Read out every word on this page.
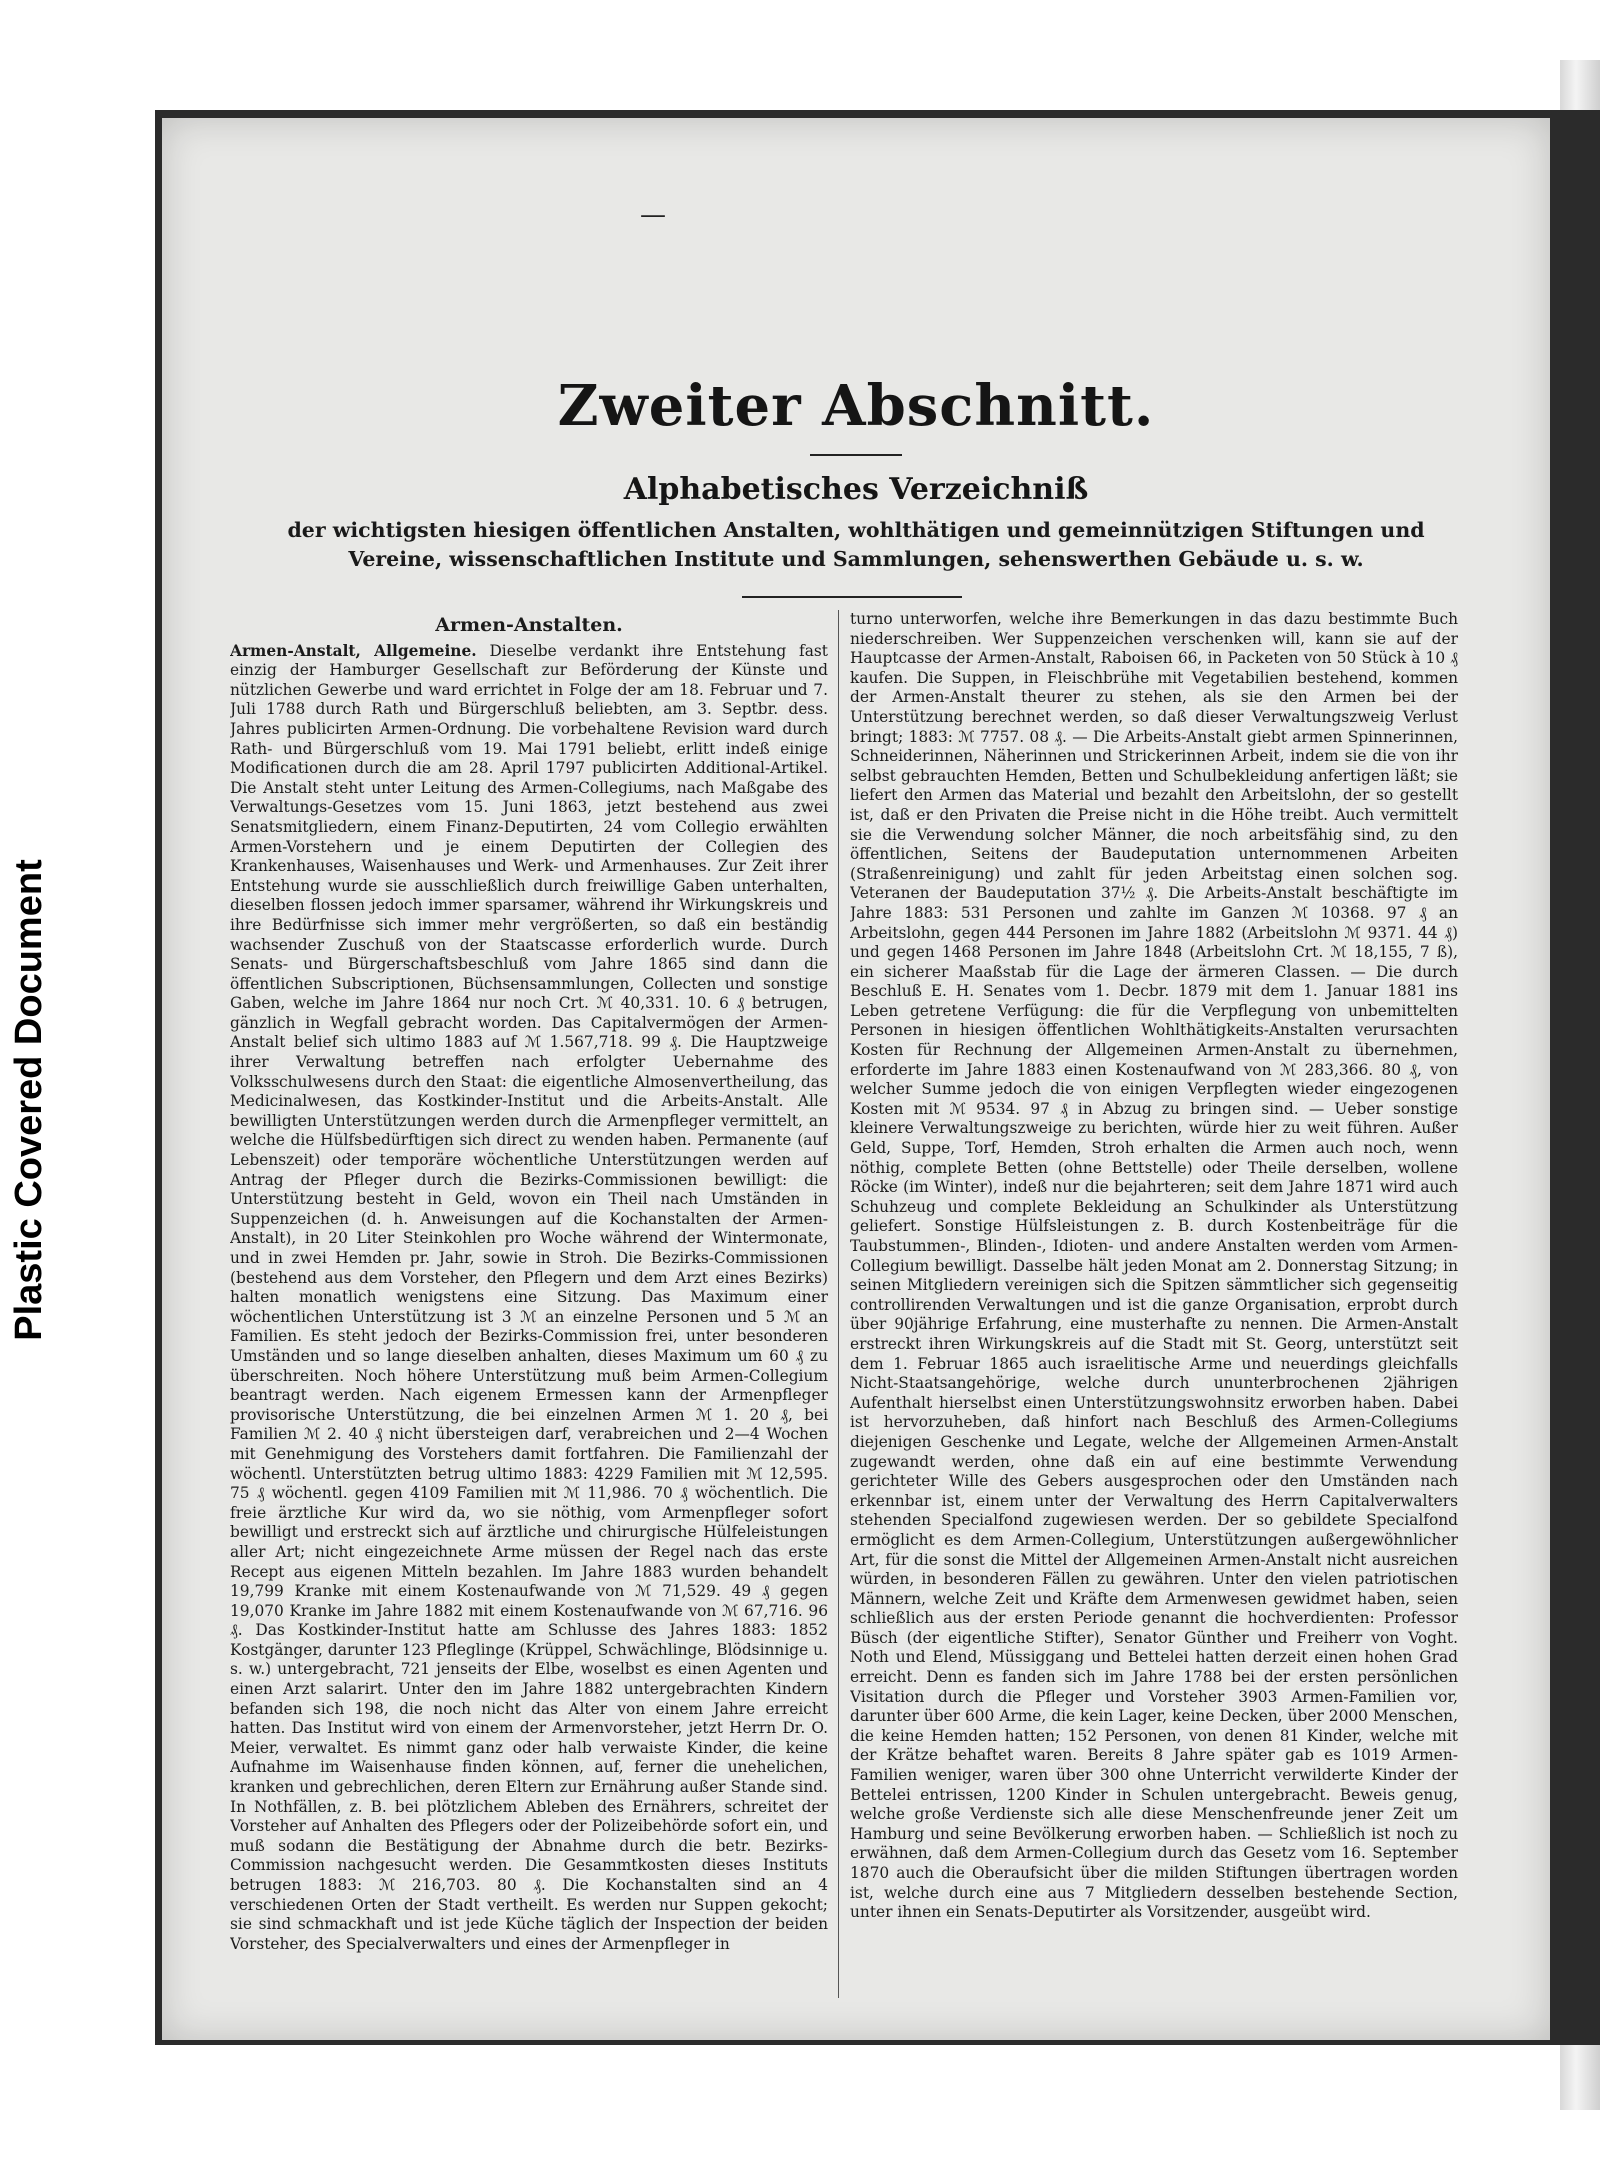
Plastic Covered Document
—
Zweiter Abschnitt.
Alphabetisches Verzeichniß
der wichtigsten hiesigen öffentlichen Anstalten, wohlthätigen und gemeinnützigen Stiftungen und Vereine, wissenschaftlichen Institute und Sammlungen, sehenswerthen Gebäude u. s. w.
Armen-Anstalten.

Armen-Anstalt, Allgemeine. Dieselbe verdankt ihre Entstehung fast einzig der Hamburger Gesellschaft zur Beförderung der Künste und nützlichen Gewerbe und ward errichtet in Folge der am 18. Februar und 7. Juli 1788 durch Rath und Bürgerschluß beliebten, am 3. Septbr. dess. Jahres publicirten Armen-Ordnung. Die vorbehaltene Revision ward durch Rath- und Bürgerschluß vom 19. Mai 1791 beliebt, erlitt indeß einige Modificationen durch die am 28. April 1797 publicirten Additional-Artikel. Die Anstalt steht unter Leitung des Armen-Collegiums, nach Maßgabe des Verwaltungs-Gesetzes vom 15. Juni 1863, jetzt bestehend aus zwei Senatsmitgliedern, einem Finanz-Deputirten, 24 vom Collegio erwählten Armen-Vorstehern und je einem Deputirten der Collegien des Krankenhauses, Waisenhauses und Werk- und Armenhauses. Zur Zeit ihrer Entstehung wurde sie ausschließlich durch freiwillige Gaben unterhalten, dieselben flossen jedoch immer sparsamer, während ihr Wirkungskreis und ihre Bedürfnisse sich immer mehr vergrößerten, so daß ein beständig wachsender Zuschuß von der Staatscasse erforderlich wurde. Durch Senats- und Bürgerschaftsbeschluß vom Jahre 1865 sind dann die öffentlichen Subscriptionen, Büchsensammlungen, Collecten und sonstige Gaben, welche im Jahre 1864 nur noch Crt. ℳ 40,331. 10. 6 ₰ betrugen, gänzlich in Wegfall gebracht worden. Das Capitalvermögen der Armen-Anstalt belief sich ultimo 1883 auf ℳ 1.567,718. 99 ₰. Die Hauptzweige ihrer Verwaltung betreffen nach erfolgter Uebernahme des Volksschulwesens durch den Staat: die eigentliche Almosenvertheilung, das Medicinalwesen, das Kostkinder-Institut und die Arbeits-Anstalt. Alle bewilligten Unterstützungen werden durch die Armenpfleger vermittelt, an welche die Hülfsbedürftigen sich direct zu wenden haben. Permanente (auf Lebenszeit) oder temporäre wöchentliche Unterstützungen werden auf Antrag der Pfleger durch die Bezirks-Commissionen bewilligt: die Unterstützung besteht in Geld, wovon ein Theil nach Umständen in Suppenzeichen (d. h. Anweisungen auf die Kochanstalten der Armen-Anstalt), in 20 Liter Steinkohlen pro Woche während der Wintermonate, und in zwei Hemden pr. Jahr, sowie in Stroh. Die Bezirks-Commissionen (bestehend aus dem Vorsteher, den Pflegern und dem Arzt eines Bezirks) halten monatlich wenigstens eine Sitzung. Das Maximum einer wöchentlichen Unterstützung ist 3 ℳ an einzelne Personen und 5 ℳ an Familien. Es steht jedoch der Bezirks-Commission frei, unter besonderen Umständen und so lange dieselben anhalten, dieses Maximum um 60 ₰ zu überschreiten. Noch höhere Unterstützung muß beim Armen-Collegium beantragt werden. Nach eigenem Ermessen kann der Armenpfleger provisorische Unterstützung, die bei einzelnen Armen ℳ 1. 20 ₰, bei Familien ℳ 2. 40 ₰ nicht übersteigen darf, verabreichen und 2—4 Wochen mit Genehmigung des Vorstehers damit fortfahren. Die Familienzahl der wöchentl. Unterstützten betrug ultimo 1883: 4229 Familien mit ℳ 12,595. 75 ₰ wöchentl. gegen 4109 Familien mit ℳ 11,986. 70 ₰ wöchentlich. Die freie ärztliche Kur wird da, wo sie nöthig, vom Armenpfleger sofort bewilligt und erstreckt sich auf ärztliche und chirurgische Hülfeleistungen aller Art; nicht eingezeichnete Arme müssen der Regel nach das erste Recept aus eigenen Mitteln bezahlen. Im Jahre 1883 wurden behandelt 19,799 Kranke mit einem Kostenaufwande von ℳ 71,529. 49 ₰ gegen 19,070 Kranke im Jahre 1882 mit einem Kostenaufwande von ℳ 67,716. 96 ₰. Das Kostkinder-Institut hatte am Schlusse des Jahres 1883: 1852 Kostgänger, darunter 123 Pfleglinge (Krüppel, Schwächlinge, Blödsinnige u. s. w.) untergebracht, 721 jenseits der Elbe, woselbst es einen Agenten und einen Arzt salarirt. Unter den im Jahre 1882 untergebrachten Kindern befanden sich 198, die noch nicht das Alter von einem Jahre erreicht hatten. Das Institut wird von einem der Armenvorsteher, jetzt Herrn Dr. O. Meier, verwaltet. Es nimmt ganz oder halb verwaiste Kinder, die keine Aufnahme im Waisenhause finden können, auf, ferner die unehelichen, kranken und gebrechlichen, deren Eltern zur Ernährung außer Stande sind. In Nothfällen, z. B. bei plötzlichem Ableben des Ernährers, schreitet der Vorsteher auf Anhalten des Pflegers oder der Polizeibehörde sofort ein, und muß sodann die Bestätigung der Abnahme durch die betr. Bezirks-Commission nachgesucht werden. Die Gesammtkosten dieses Instituts betrugen 1883: ℳ 216,703. 80 ₰. Die Kochanstalten sind an 4 verschiedenen Orten der Stadt vertheilt. Es werden nur Suppen gekocht; sie sind schmackhaft und ist jede Küche täglich der Inspection der beiden Vorsteher, des Specialverwalters und eines der Armenpfleger in

turno unterworfen, welche ihre Bemerkungen in das dazu bestimmte Buch niederschreiben. Wer Suppenzeichen verschenken will, kann sie auf der Hauptcasse der Armen-Anstalt, Raboisen 66, in Packeten von 50 Stück à 10 ₰ kaufen. Die Suppen, in Fleischbrühe mit Vegetabilien bestehend, kommen der Armen-Anstalt theurer zu stehen, als sie den Armen bei der Unterstützung berechnet werden, so daß dieser Verwaltungszweig Verlust bringt; 1883: ℳ 7757. 08 ₰. — Die Arbeits-Anstalt giebt armen Spinnerinnen, Schneiderinnen, Näherinnen und Strickerinnen Arbeit, indem sie die von ihr selbst gebrauchten Hemden, Betten und Schulbekleidung anfertigen läßt; sie liefert den Armen das Material und bezahlt den Arbeitslohn, der so gestellt ist, daß er den Privaten die Preise nicht in die Höhe treibt. Auch vermittelt sie die Verwendung solcher Männer, die noch arbeitsfähig sind, zu den öffentlichen, Seitens der Baudeputation unternommenen Arbeiten (Straßenreinigung) und zahlt für jeden Arbeitstag einen solchen sog. Veteranen der Baudeputation 37½ ₰. Die Arbeits-Anstalt beschäftigte im Jahre 1883: 531 Personen und zahlte im Ganzen ℳ 10368. 97 ₰ an Arbeitslohn, gegen 444 Personen im Jahre 1882 (Arbeitslohn ℳ 9371. 44 ₰) und gegen 1468 Personen im Jahre 1848 (Arbeitslohn Crt. ℳ 18,155, 7 ß), ein sicherer Maaßstab für die Lage der ärmeren Classen. — Die durch Beschluß E. H. Senates vom 1. Decbr. 1879 mit dem 1. Januar 1881 ins Leben getretene Verfügung: die für die Verpflegung von unbemittelten Personen in hiesigen öffentlichen Wohlthätigkeits-Anstalten verursachten Kosten für Rechnung der Allgemeinen Armen-Anstalt zu übernehmen, erforderte im Jahre 1883 einen Kostenaufwand von ℳ 283,366. 80 ₰, von welcher Summe jedoch die von einigen Verpflegten wieder eingezogenen Kosten mit ℳ 9534. 97 ₰ in Abzug zu bringen sind. — Ueber sonstige kleinere Verwaltungszweige zu berichten, würde hier zu weit führen. Außer Geld, Suppe, Torf, Hemden, Stroh erhalten die Armen auch noch, wenn nöthig, complete Betten (ohne Bettstelle) oder Theile derselben, wollene Röcke (im Winter), indeß nur die bejahrteren; seit dem Jahre 1871 wird auch Schuhzeug und complete Bekleidung an Schulkinder als Unterstützung geliefert. Sonstige Hülfsleistungen z. B. durch Kostenbeiträge für die Taubstummen-, Blinden-, Idioten- und andere Anstalten werden vom Armen-Collegium bewilligt. Dasselbe hält jeden Monat am 2. Donnerstag Sitzung; in seinen Mitgliedern vereinigen sich die Spitzen sämmtlicher sich gegenseitig controllirenden Verwaltungen und ist die ganze Organisation, erprobt durch über 90jährige Erfahrung, eine musterhafte zu nennen. Die Armen-Anstalt erstreckt ihren Wirkungskreis auf die Stadt mit St. Georg, unterstützt seit dem 1. Februar 1865 auch israelitische Arme und neuerdings gleichfalls Nicht-Staatsangehörige, welche durch ununterbrochenen 2jährigen Aufenthalt hierselbst einen Unterstützungswohnsitz erworben haben. Dabei ist hervorzuheben, daß hinfort nach Beschluß des Armen-Collegiums diejenigen Geschenke und Legate, welche der Allgemeinen Armen-Anstalt zugewandt werden, ohne daß ein auf eine bestimmte Verwendung gerichteter Wille des Gebers ausgesprochen oder den Umständen nach erkennbar ist, einem unter der Verwaltung des Herrn Capitalverwalters stehenden Specialfond zugewiesen werden. Der so gebildete Specialfond ermöglicht es dem Armen-Collegium, Unterstützungen außergewöhnlicher Art, für die sonst die Mittel der Allgemeinen Armen-Anstalt nicht ausreichen würden, in besonderen Fällen zu gewähren. Unter den vielen patriotischen Männern, welche Zeit und Kräfte dem Armenwesen gewidmet haben, seien schließlich aus der ersten Periode genannt die hochverdienten: Professor Büsch (der eigentliche Stifter), Senator Günther und Freiherr von Voght. Noth und Elend, Müssiggang und Bettelei hatten derzeit einen hohen Grad erreicht. Denn es fanden sich im Jahre 1788 bei der ersten persönlichen Visitation durch die Pfleger und Vorsteher 3903 Armen-Familien vor, darunter über 600 Arme, die kein Lager, keine Decken, über 2000 Menschen, die keine Hemden hatten; 152 Personen, von denen 81 Kinder, welche mit der Krätze behaftet waren. Bereits 8 Jahre später gab es 1019 Armen-Familien weniger, waren über 300 ohne Unterricht verwilderte Kinder der Bettelei entrissen, 1200 Kinder in Schulen untergebracht. Beweis genug, welche große Verdienste sich alle diese Menschenfreunde jener Zeit um Hamburg und seine Bevölkerung erworben haben. — Schließlich ist noch zu erwähnen, daß dem Armen-Collegium durch das Gesetz vom 16. September 1870 auch die Oberaufsicht über die milden Stiftungen übertragen worden ist, welche durch eine aus 7 Mitgliedern desselben bestehende Section, unter ihnen ein Senats-Deputirter als Vorsitzender, ausgeübt wird.
